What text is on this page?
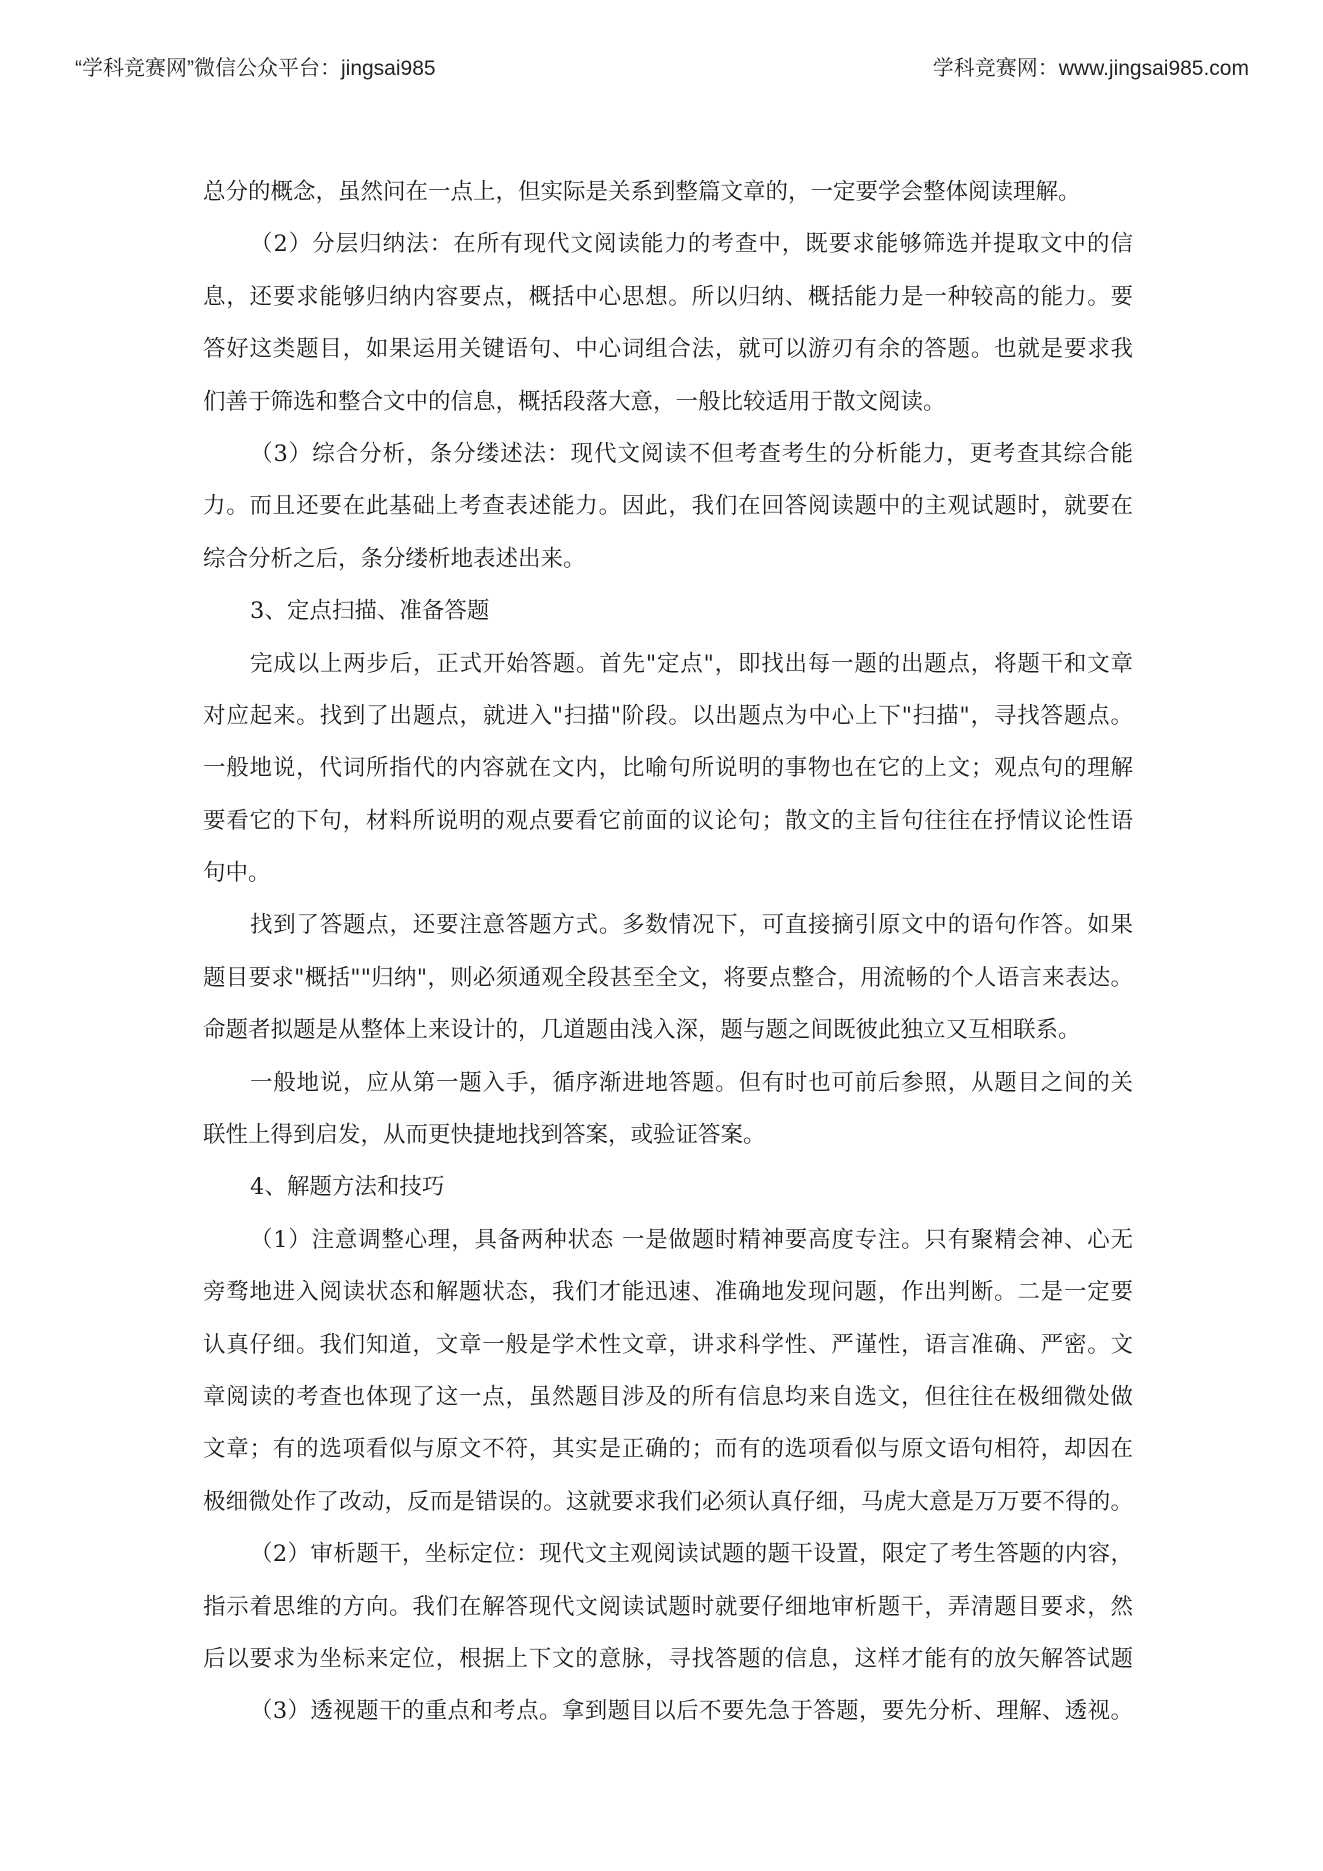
“学科竞赛网”微信公众平台：jingsai985	学科竞赛网：www.jingsai985.com
总分的概念，虽然问在一点上，但实际是关系到整篇文章的，一定要学会整体阅读理解。
（2）分层归纳法：在所有现代文阅读能力的考查中，既要求能够筛选并提取文中的信
息，还要求能够归纳内容要点，概括中心思想。所以归纳、概括能力是一种较高的能力。要
答好这类题目，如果运用关键语句、中心词组合法，就可以游刃有余的答题。也就是要求我
们善于筛选和整合文中的信息，概括段落大意，一般比较适用于散文阅读。
（3）综合分析，条分缕述法：现代文阅读不但考查考生的分析能力，更考查其综合能
力。而且还要在此基础上考查表述能力。因此，我们在回答阅读题中的主观试题时，就要在
综合分析之后，条分缕析地表述出来。
3、定点扫描、准备答题
完成以上两步后，正式开始答题。首先"定点"，即找出每一题的出题点，将题干和文章
对应起来。找到了出题点，就进入"扫描"阶段。以出题点为中心上下"扫描"，寻找答题点。
一般地说，代词所指代的内容就在文内，比喻句所说明的事物也在它的上文；观点句的理解
要看它的下句，材料所说明的观点要看它前面的议论句；散文的主旨句往往在抒情议论性语
句中。
找到了答题点，还要注意答题方式。多数情况下，可直接摘引原文中的语句作答。如果
题目要求"概括""归纳"，则必须通观全段甚至全文，将要点整合，用流畅的个人语言来表达。
命题者拟题是从整体上来设计的，几道题由浅入深，题与题之间既彼此独立又互相联系。
一般地说，应从第一题入手，循序渐进地答题。但有时也可前后参照，从题目之间的关
联性上得到启发，从而更快捷地找到答案，或验证答案。
4、解题方法和技巧
（1）注意调整心理，具备两种状态 一是做题时精神要高度专注。只有聚精会神、心无
旁骛地进入阅读状态和解题状态，我们才能迅速、准确地发现问题，作出判断。二是一定要
认真仔细。我们知道，文章一般是学术性文章，讲求科学性、严谨性，语言准确、严密。文
章阅读的考查也体现了这一点，虽然题目涉及的所有信息均来自选文，但往往在极细微处做
文章；有的选项看似与原文不符，其实是正确的；而有的选项看似与原文语句相符，却因在
极细微处作了改动，反而是错误的。这就要求我们必须认真仔细，马虎大意是万万要不得的。
（2）审析题干，坐标定位：现代文主观阅读试题的题干设置，限定了考生答题的内容，
指示着思维的方向。我们在解答现代文阅读试题时就要仔细地审析题干，弄清题目要求，然
后以要求为坐标来定位，根据上下文的意脉，寻找答题的信息，这样才能有的放矢解答试题
（3）透视题干的重点和考点。拿到题目以后不要先急于答题，要先分析、理解、透视。
